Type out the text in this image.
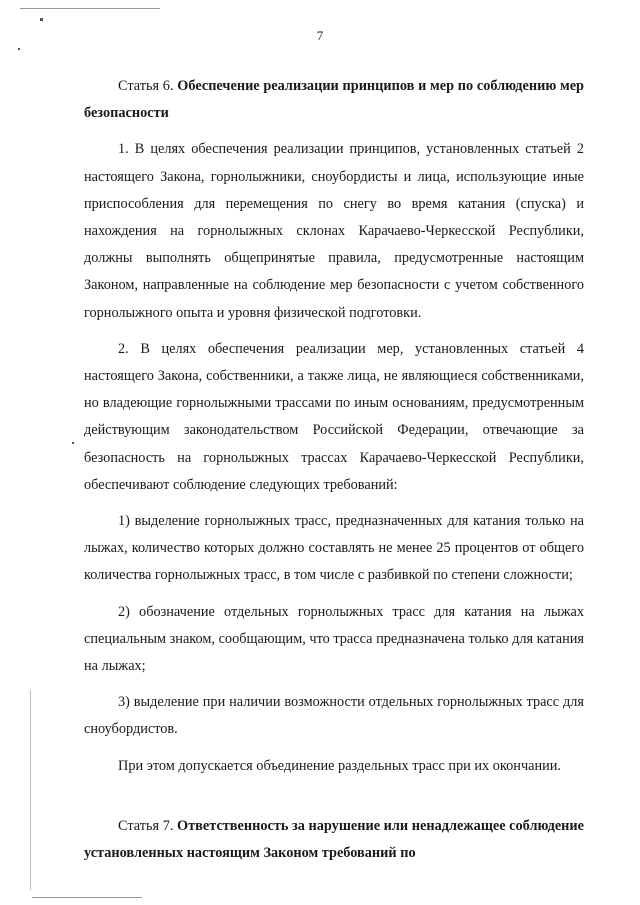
7

Статья 6. Обеспечение реализации принципов и мер по соблюдению мер безопасности

1. В целях обеспечения реализации принципов, установленных статьей 2 настоящего Закона, горнолыжники, сноубордисты и лица, использующие иные приспособления для перемещения по снегу во время катания (спуска) и нахождения на горнолыжных склонах Карачаево-Черкесской Республики, должны выполнять общепринятые правила, предусмотренные настоящим Законом, направленные на соблюдение мер безопасности с учетом собственного горнолыжного опыта и уровня физической подготовки.

2. В целях обеспечения реализации мер, установленных статьей 4 настоящего Закона, собственники, а также лица, не являющиеся собственниками, но владеющие горнолыжными трассами по иным основаниям, предусмотренным действующим законодательством Российской Федерации, отвечающие за безопасность на горнолыжных трассах Карачаево-Черкесской Республики, обеспечивают соблюдение следующих требований:

1) выделение горнолыжных трасс, предназначенных для катания только на лыжах, количество которых должно составлять не менее 25 процентов от общего количества горнолыжных трасс, в том числе с разбивкой по степени сложности;

2) обозначение отдельных горнолыжных трасс для катания на лыжах специальным знаком, сообщающим, что трасса предназначена только для катания на лыжах;

3) выделение при наличии возможности отдельных горнолыжных трасс для сноубордистов.

При этом допускается объединение раздельных трасс при их окончании.

Статья 7. Ответственность за нарушение или ненадлежащее соблюдение установленных настоящим Законом требований по
